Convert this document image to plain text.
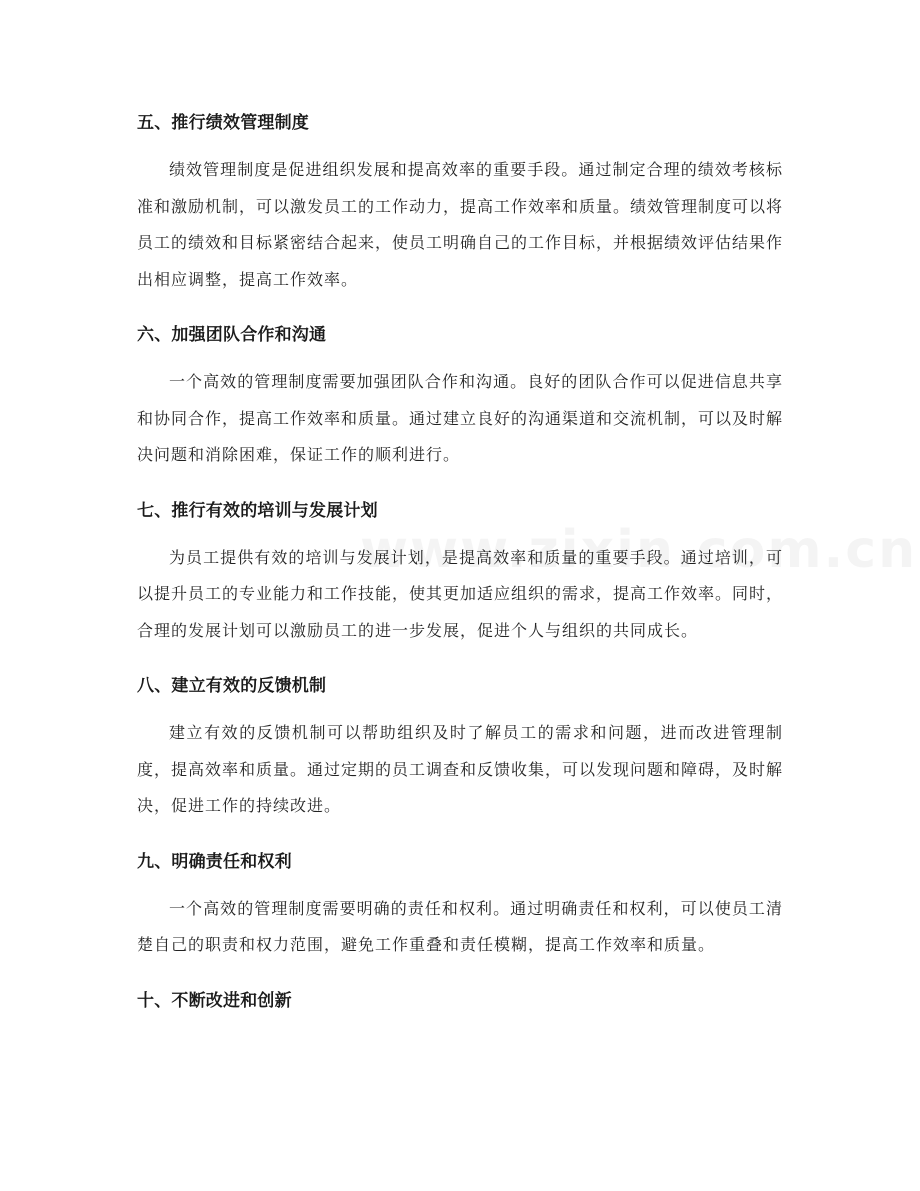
五、推行绩效管理制度

绩效管理制度是促进组织发展和提高效率的重要手段。通过制定合理的绩效考核标准和激励机制，可以激发员工的工作动力，提高工作效率和质量。绩效管理制度可以将员工的绩效和目标紧密结合起来，使员工明确自己的工作目标，并根据绩效评估结果作出相应调整，提高工作效率。

六、加强团队合作和沟通

一个高效的管理制度需要加强团队合作和沟通。良好的团队合作可以促进信息共享和协同合作，提高工作效率和质量。通过建立良好的沟通渠道和交流机制，可以及时解决问题和消除困难，保证工作的顺利进行。

七、推行有效的培训与发展计划

为员工提供有效的培训与发展计划，是提高效率和质量的重要手段。通过培训，可以提升员工的专业能力和工作技能，使其更加适应组织的需求，提高工作效率。同时，合理的发展计划可以激励员工的进一步发展，促进个人与组织的共同成长。

八、建立有效的反馈机制

建立有效的反馈机制可以帮助组织及时了解员工的需求和问题，进而改进管理制度，提高效率和质量。通过定期的员工调查和反馈收集，可以发现问题和障碍，及时解决，促进工作的持续改进。

九、明确责任和权利

一个高效的管理制度需要明确的责任和权利。通过明确责任和权利，可以使员工清楚自己的职责和权力范围，避免工作重叠和责任模糊，提高工作效率和质量。

十、不断改进和创新
